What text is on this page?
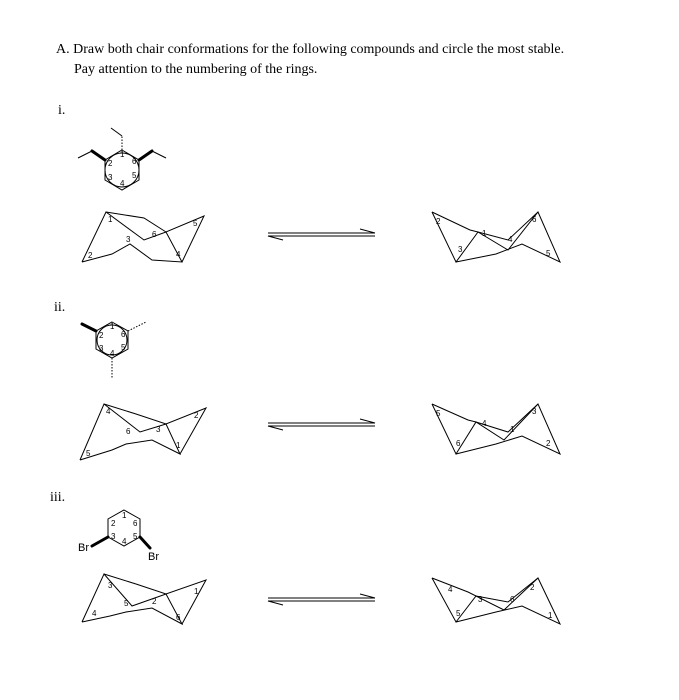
A. Draw both chair conformations for the following compounds and circle the most stable.
Pay attention to the numbering of the rings.
i.
ii.
iii.
1
2
3
4
5
6
1
2
3
6
4
5	2
3
1
4
6
5
1
2
3
4
5
6
4
5
6	3
1
2	5
6
4
1
3
2
Br
Br
1
2
3
4
5
6
3
4
5	2
6
1	4
5
3	6
2
1
